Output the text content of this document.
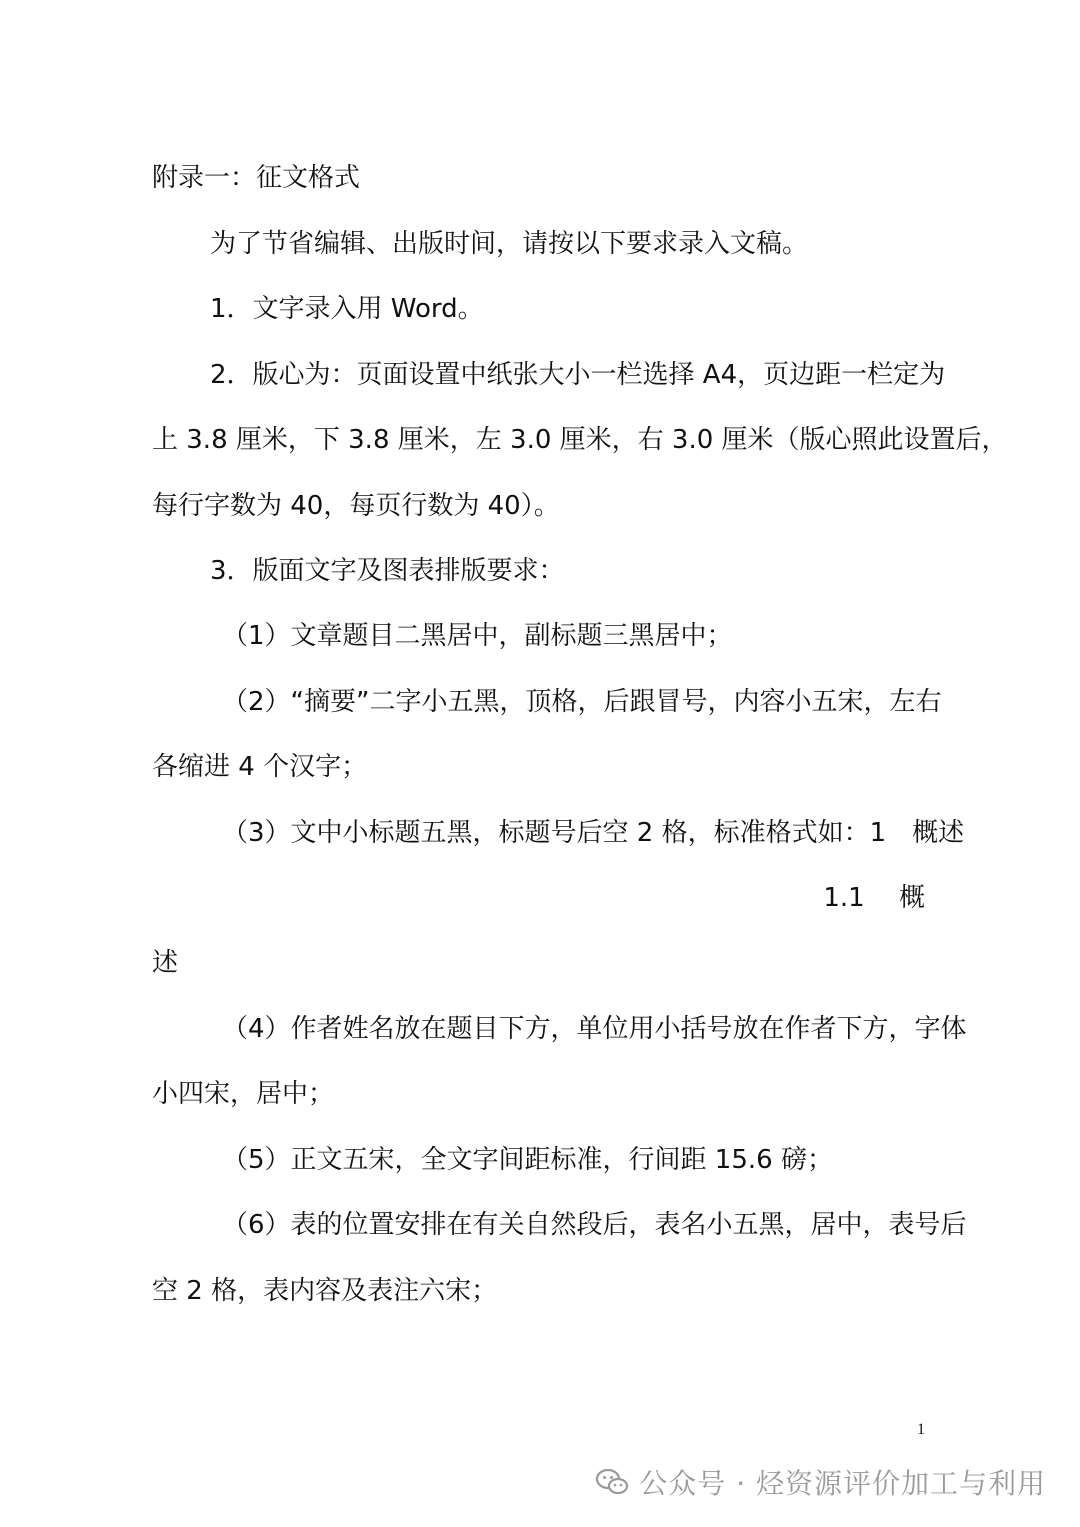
附录一：征文格式
为了节省编辑、出版时间，请按以下要求录入文稿。
1．文字录入用 Word。
2．版心为：页面设置中纸张大小一栏选择 A4，页边距一栏定为
上 3.8 厘米，下 3.8 厘米，左 3.0 厘米，右 3.0 厘米（版心照此设置后，
每行字数为 40，每页行数为 40）。
3．版面文字及图表排版要求：
（1）文章题目二黑居中，副标题三黑居中；
（2）“摘要”二字小五黑，顶格，后跟冒号，内容小五宋，左右
各缩进 4 个汉字；
（3）文中小标题五黑，标题号后空 2 格，标准格式如：1　概述
1.1　 概
述
（4）作者姓名放在题目下方，单位用小括号放在作者下方，字体
小四宋，居中；
（5）正文五宋，全文字间距标准，行间距 15.6 磅；
（6）表的位置安排在有关自然段后，表名小五黑，居中，表号后
空 2 格，表内容及表注六宋；
1
公众号 · 烃资源评价加工与利用
